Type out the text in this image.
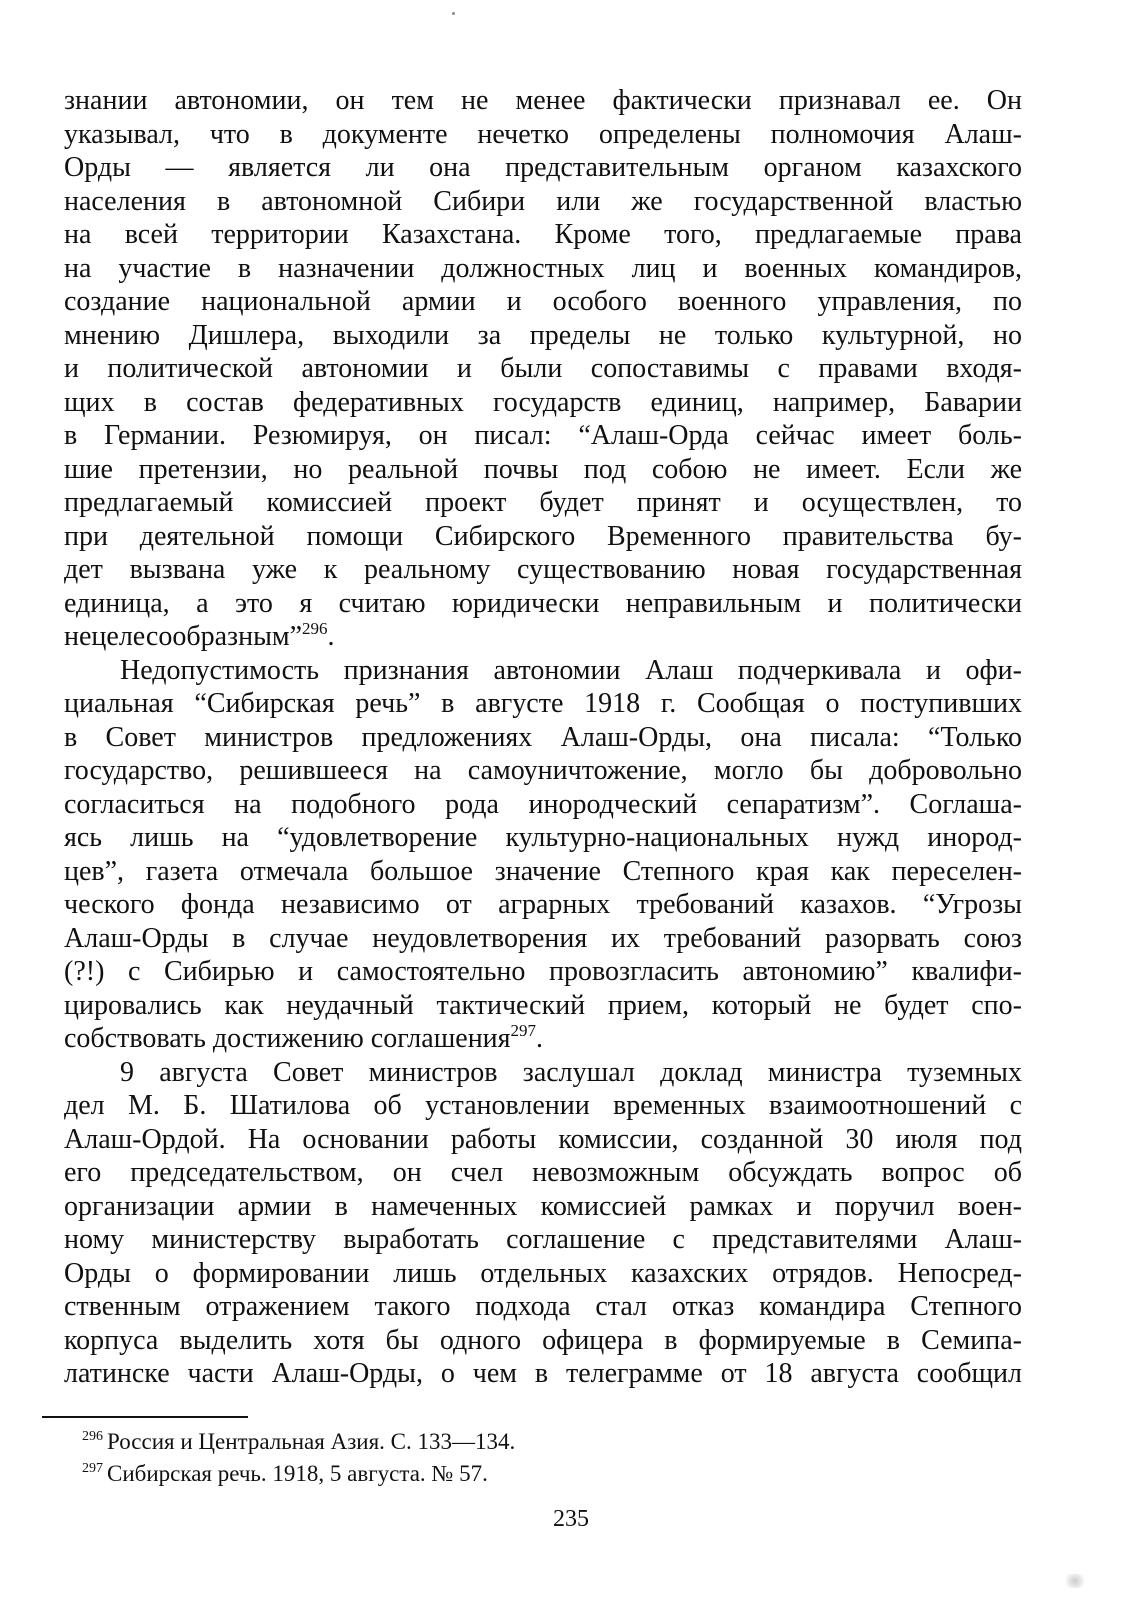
знании автономии, он тем не менее фактически признавал ее. Он
указывал, что в документе нечетко определены полномочия Алаш-
Орды — является ли она представительным органом казахского
населения в автономной Сибири или же государственной властью
на всей территории Казахстана. Кроме того, предлагаемые права
на участие в назначении должностных лиц и военных командиров,
создание национальной армии и особого военного управления, по
мнению Дишлера, выходили за пределы не только культурной, но
и политической автономии и были сопоставимы с правами входя-
щих в состав федеративных государств единиц, например, Баварии
в Германии. Резюмируя, он писал: “Алаш-Орда сейчас имеет боль-
шие претензии, но реальной почвы под собою не имеет. Если же
предлагаемый комиссией проект будет принят и осуществлен, то
при деятельной помощи Сибирского Временного правительства бу-
дет вызвана уже к реальному существованию новая государственная
единица, а это я считаю юридически неправильным и политически
нецелесообразным”$^{296}$.
Недопустимость признания автономии Алаш подчеркивала и офи-
циальная “Сибирская речь” в августе 1918 г. Сообщая о поступивших
в Совет министров предложениях Алаш-Орды, она писала: “Только
государство, решившееся на самоуничтожение, могло бы добровольно
согласиться на подобного рода инородческий сепаратизм”. Соглаша-
ясь лишь на “удовлетворение культурно-национальных нужд инород-
цев”, газета отмечала большое значение Степного края как переселен-
ческого фонда независимо от аграрных требований казахов. “Угрозы
Алаш-Орды в случае неудовлетворения их требований разорвать союз
(?!) с Сибирью и самостоятельно провозгласить автономию” квалифи-
цировались как неудачный тактический прием, который не будет спо-
собствовать достижению соглашения$^{297}$.
9 августа Совет министров заслушал доклад министра туземных
дел М. Б. Шатилова об установлении временных взаимоотношений с
Алаш-Ордой. На основании работы комиссии, созданной 30 июля под
его председательством, он счел невозможным обсуждать вопрос об
организации армии в намеченных комиссией рамках и поручил воен-
ному министерству выработать соглашение с представителями Алаш-
Орды о формировании лишь отдельных казахских отрядов. Непосред-
ственным отражением такого подхода стал отказ командира Степного
корпуса выделить хотя бы одного офицера в формируемые в Семипа-
латинске части Алаш-Орды, о чем в телеграмме от 18 августа сообщил
$^{296}$ Россия и Центральная Азия. С. 133—134.
$^{297}$ Сибирская речь. 1918, 5 августа. № 57.
235
